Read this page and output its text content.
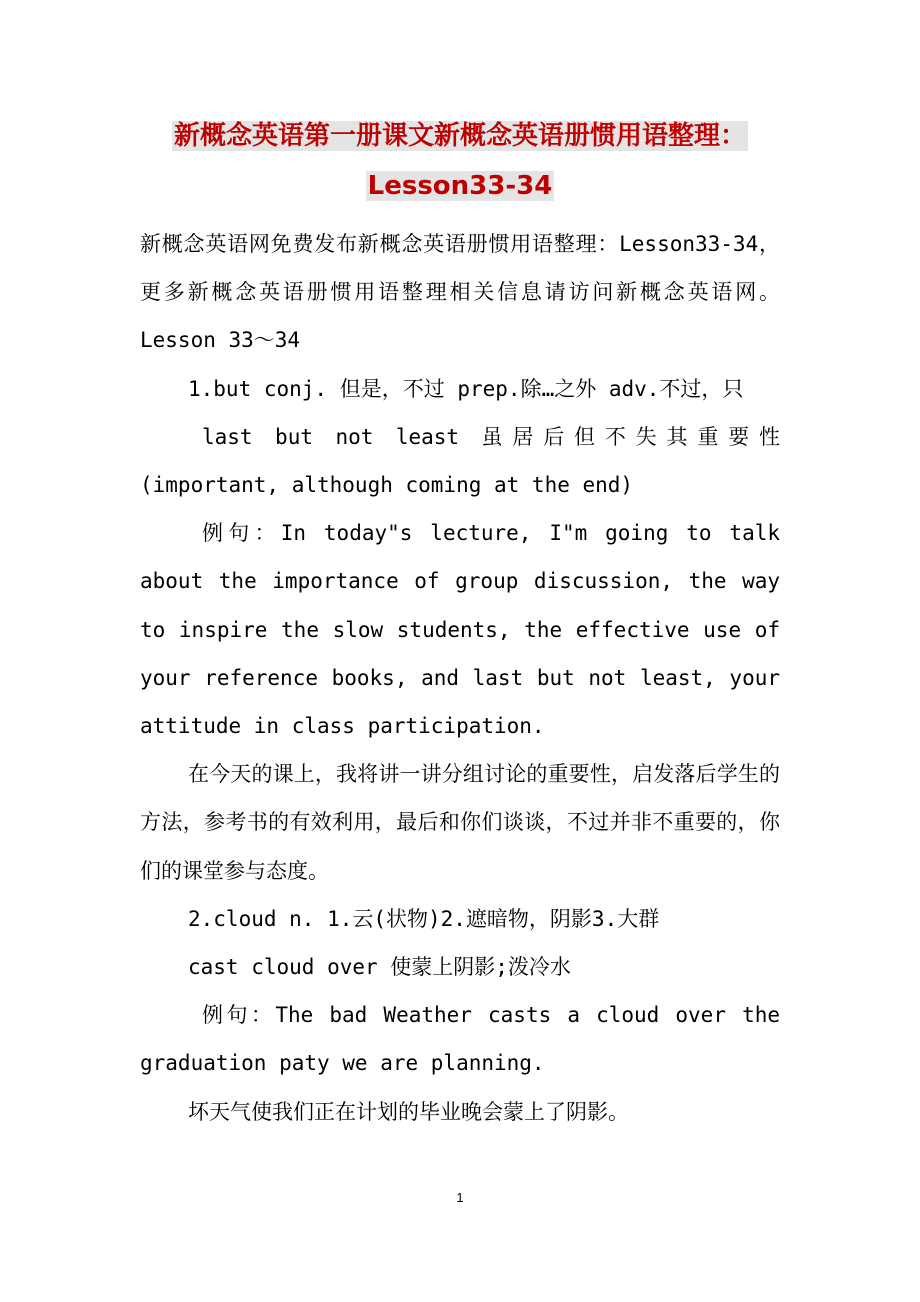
新概念英语第一册课文新概念英语册惯用语整理：
Lesson33-34

新概念英语网免费发布新概念英语册惯用语整理：Lesson33-34，更多新概念英语册惯用语整理相关信息请访问新概念英语网。Lesson 33～34

1.but conj. 但是，不过 prep.除…之外 adv.不过，只

last but not least 虽居后但不失其重要性(important, although coming at the end)

例句：In today"s lecture, I"m going to talk about the importance of group discussion, the way to inspire the slow students, the effective use of your reference books, and last but not least, your attitude in class participation.

在今天的课上，我将讲一讲分组讨论的重要性，启发落后学生的方法，参考书的有效利用，最后和你们谈谈，不过并非不重要的，你们的课堂参与态度。

2.cloud n. 1.云(状物)2.遮暗物，阴影3.大群

cast cloud over 使蒙上阴影;泼冷水

例句：The bad Weather casts a cloud over the graduation paty we are planning.

坏天气使我们正在计划的毕业晚会蒙上了阴影。

1
